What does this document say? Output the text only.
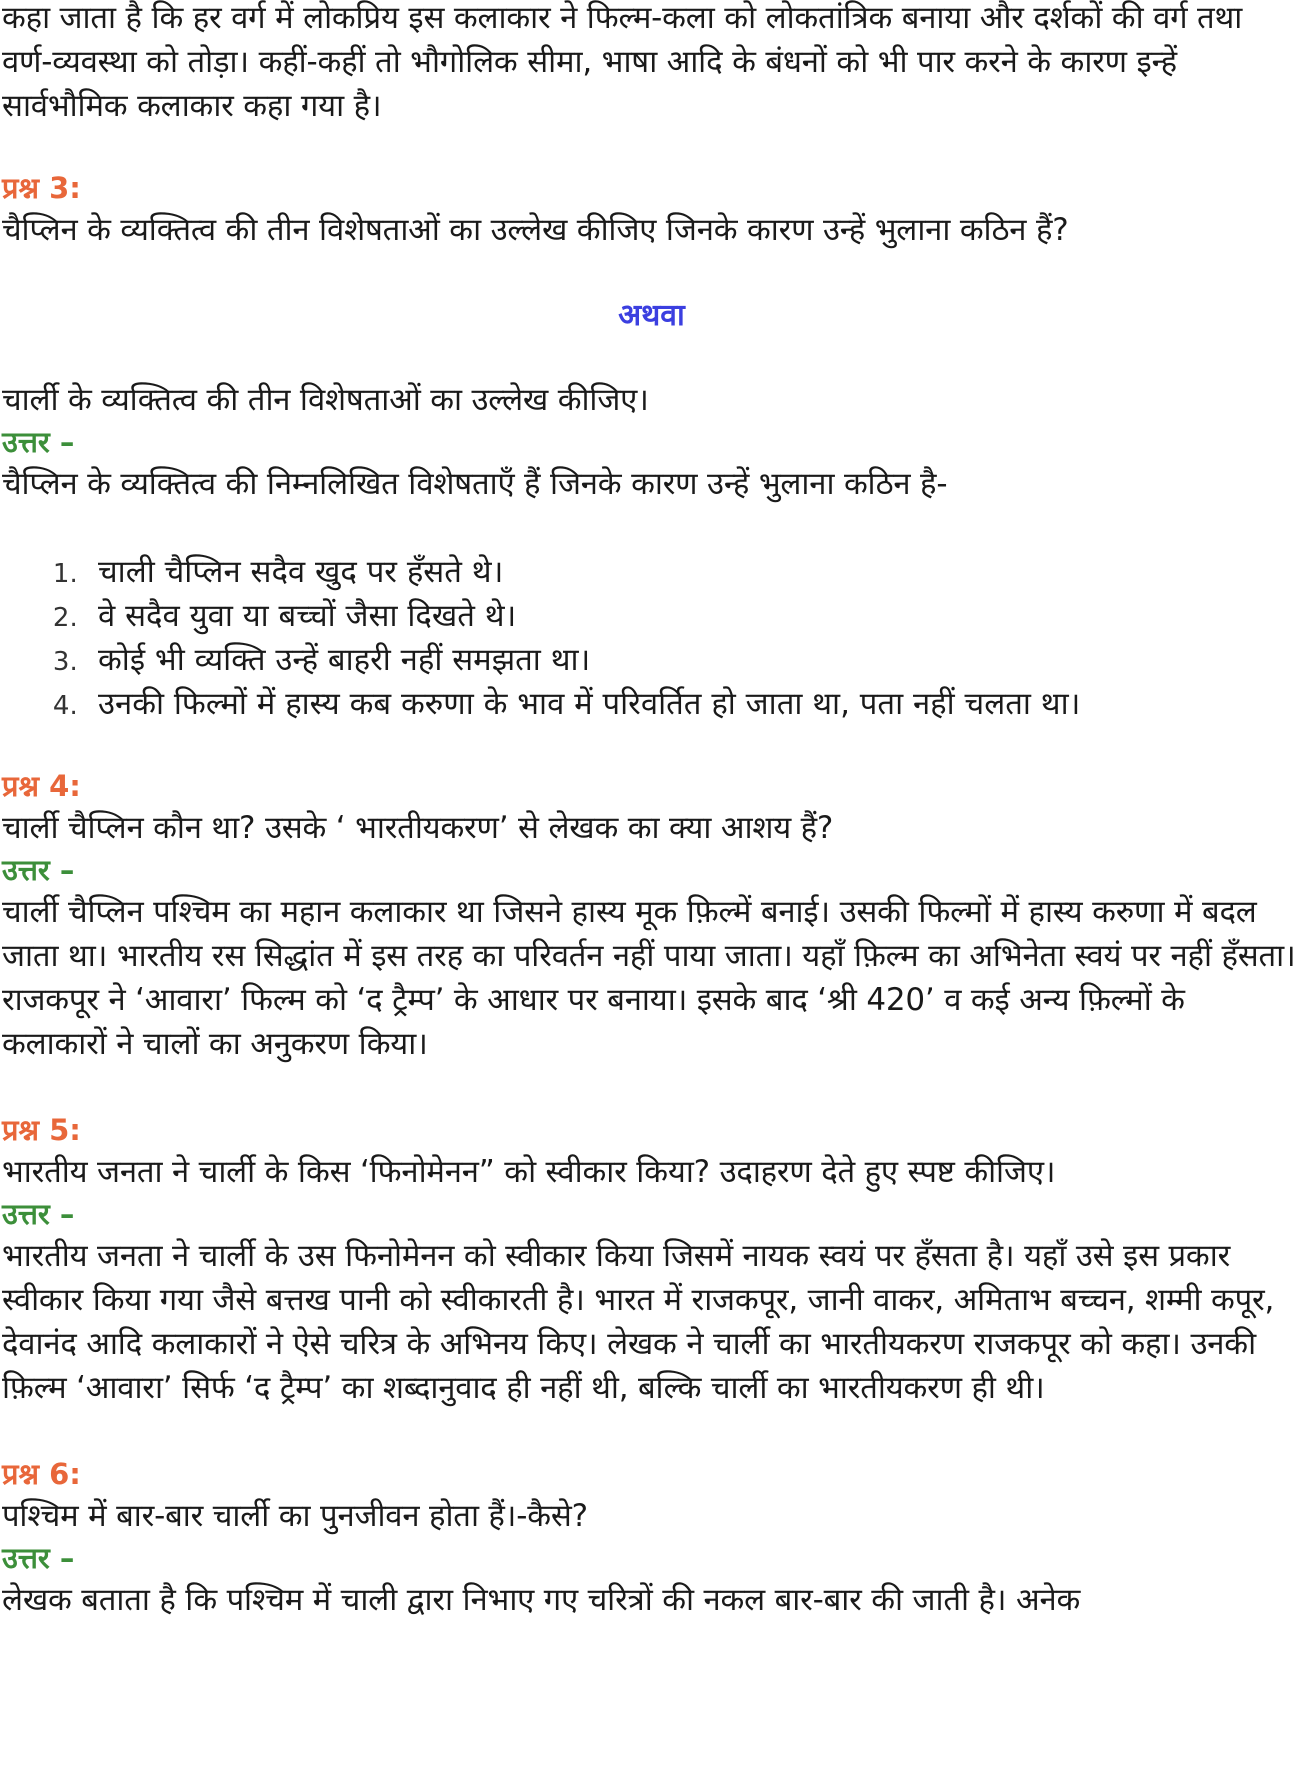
कहा जाता है कि हर वर्ग में लोकप्रिय इस कलाकार ने फिल्म-कला को लोकतांत्रिक बनाया और दर्शकों की वर्ग तथा वर्ण-व्यवस्था को तोड़ा। कहीं-कहीं तो भौगोलिक सीमा, भाषा आदि के बंधनों को भी पार करने के कारण इन्हें सार्वभौमिक कलाकार कहा गया है।

प्रश्न 3:

चैप्लिन के व्यक्तित्व की तीन विशेषताओं का उल्लेख कीजिए जिनके कारण उन्हें भुलाना कठिन हैं?

अथवा

चार्ली के व्यक्तित्व की तीन विशेषताओं का उल्लेख कीजिए।

उत्तर –

चैप्लिन के व्यक्तित्व की निम्नलिखित विशेषताएँ हैं जिनके कारण उन्हें भुलाना कठिन है-

1. चाली चैप्लिन सदैव खुद पर हँसते थे।
2. वे सदैव युवा या बच्चों जैसा दिखते थे।
3. कोई भी व्यक्ति उन्हें बाहरी नहीं समझता था।
4. उनकी फिल्मों में हास्य कब करुणा के भाव में परिवर्तित हो जाता था, पता नहीं चलता था।

प्रश्न 4:

चार्ली चैप्लिन कौन था? उसके ‘ भारतीयकरण’ से लेखक का क्या आशय हैं?

उत्तर –

चार्ली चैप्लिन पश्चिम का महान कलाकार था जिसने हास्य मूक फ़िल्में बनाई। उसकी फिल्मों में हास्य करुणा में बदल जाता था। भारतीय रस सिद्धांत में इस तरह का परिवर्तन नहीं पाया जाता। यहाँ फ़िल्म का अभिनेता स्वयं पर नहीं हँसता। राजकपूर ने ‘आवारा’ फिल्म को ‘द ट्रैम्प’ के आधार पर बनाया। इसके बाद ‘श्री 420’ व कई अन्य फ़िल्मों के कलाकारों ने चालों का अनुकरण किया।

प्रश्न 5:

भारतीय जनता ने चार्ली के किस ‘फिनोमेनन” को स्वीकार किया? उदाहरण देते हुए स्पष्ट कीजिए।

उत्तर –

भारतीय जनता ने चार्ली के उस फिनोमेनन को स्वीकार किया जिसमें नायक स्वयं पर हँसता है। यहाँ उसे इस प्रकार स्वीकार किया गया जैसे बत्तख पानी को स्वीकारती है। भारत में राजकपूर, जानी वाकर, अमिताभ बच्चन, शम्मी कपूर, देवानंद आदि कलाकारों ने ऐसे चरित्र के अभिनय किए। लेखक ने चार्ली का भारतीयकरण राजकपूर को कहा। उनकी फ़िल्म ‘आवारा’ सिर्फ ‘द ट्रैम्प’ का शब्दानुवाद ही नहीं थी, बल्कि चार्ली का भारतीयकरण ही थी।

प्रश्न 6:

पश्चिम में बार-बार चार्ली का पुनजीवन होता हैं।-कैसे?

उत्तर –

लेखक बताता है कि पश्चिम में चाली द्वारा निभाए गए चरित्रों की नकल बार-बार की जाती है। अनेक
